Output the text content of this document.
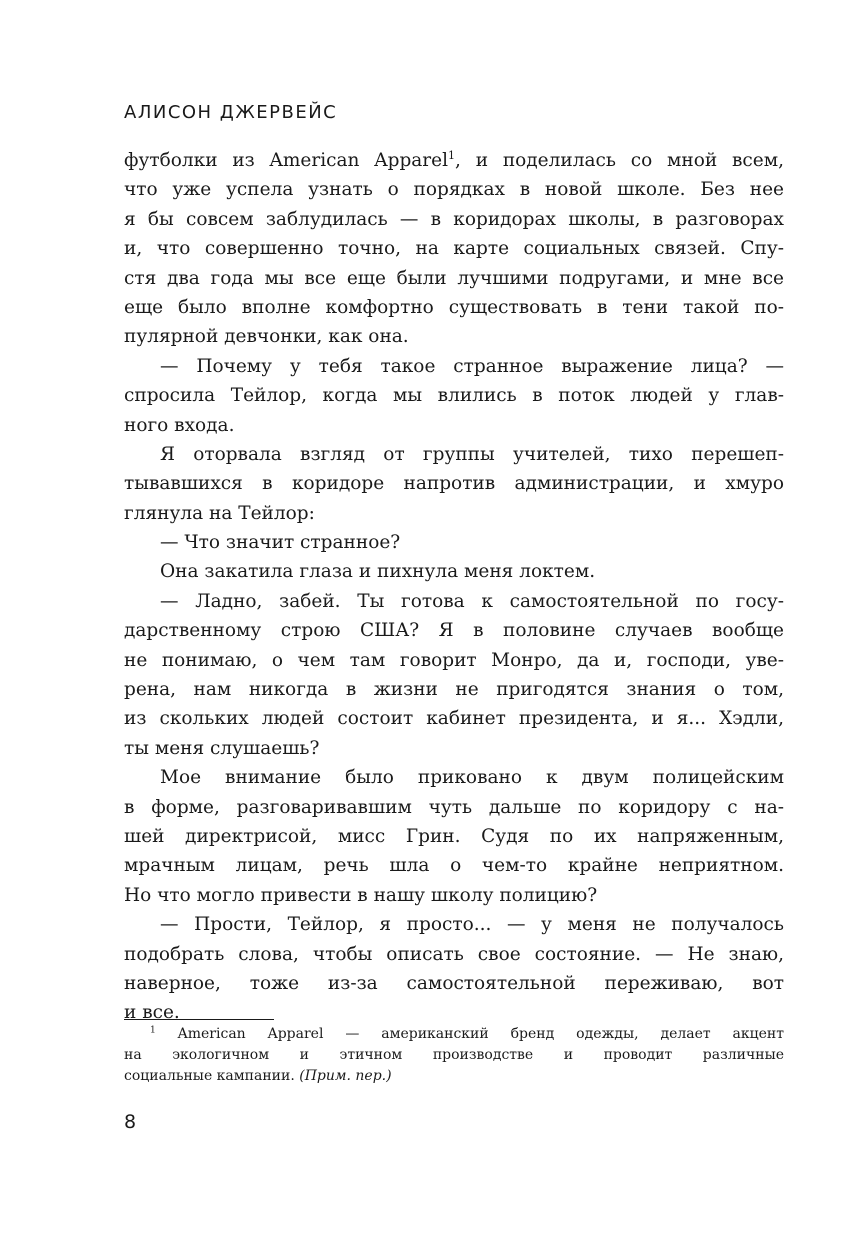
АЛИСОН ДЖЕРВЕЙС
футболки из American Apparel$^1$, и поделилась со мной всем,
что уже успела узнать о порядках в новой школе. Без нее
я бы совсем заблудилась — в коридорах школы, в разговорах
и, что совершенно точно, на карте социальных связей. Спу-
стя два года мы все еще были лучшими подругами, и мне все
еще было вполне комфортно существовать в тени такой по-
пулярной девчонки, как она.
— Почему у тебя такое странное выражение лица? —
спросила Тейлор, когда мы влились в поток людей у глав-
ного входа.
Я оторвала взгляд от группы учителей, тихо перешеп-
тывавшихся в коридоре напротив администрации, и хмуро
глянула на Тейлор:
— Что значит странное?
Она закатила глаза и пихнула меня локтем.
— Ладно, забей. Ты готова к самостоятельной по госу-
дарственному строю США? Я в половине случаев вообще
не понимаю, о чем там говорит Монро, да и, господи, уве-
рена, нам никогда в жизни не пригодятся знания о том,
из скольких людей состоит кабинет президента, и я... Хэдли,
ты меня слушаешь?
Мое внимание было приковано к двум полицейским
в форме, разговаривавшим чуть дальше по коридору с на-
шей директрисой, мисс Грин. Судя по их напряженным,
мрачным лицам, речь шла о чем-то крайне неприятном.
Но что могло привести в нашу школу полицию?
— Прости, Тейлор, я просто... — у меня не получалось
подобрать слова, чтобы описать свое состояние. — Не знаю,
наверное, тоже из-за самостоятельной переживаю, вот
и все.
$^1$ American Apparel — американский бренд одежды, делает акцент
на экологичном и этичном производстве и проводит различные
социальные кампании. (Прим. пер.)
8
